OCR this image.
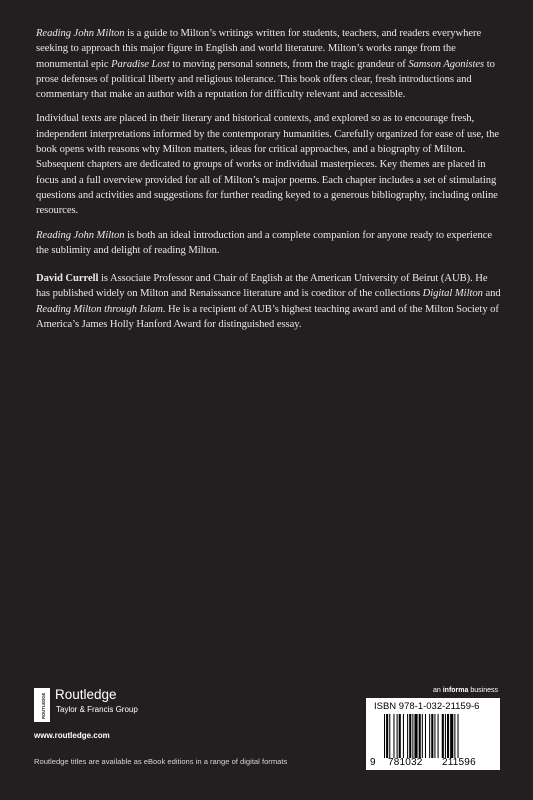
Reading John Milton is a guide to Milton’s writings written for students, teachers, and readers everywhere seeking to approach this major figure in English and world literature. Milton’s works range from the monumental epic Paradise Lost to moving personal sonnets, from the tragic grandeur of Samson Agonistes to prose defenses of political liberty and religious tolerance. This book offers clear, fresh introductions and commentary that make an author with a reputation for difficulty relevant and accessible.

Individual texts are placed in their literary and historical contexts, and explored so as to encourage fresh, independent interpretations informed by the contemporary humanities. Carefully organized for ease of use, the book opens with reasons why Milton matters, ideas for critical approaches, and a biography of Milton. Subsequent chapters are dedicated to groups of works or individual masterpieces. Key themes are placed in focus and a full overview provided for all of Milton’s major poems. Each chapter includes a set of stimulating questions and activities and suggestions for further reading keyed to a generous bibliography, including online resources.

Reading John Milton is both an ideal introduction and a complete companion for anyone ready to experience the sublimity and delight of reading Milton.

David Currell is Associate Professor and Chair of English at the American University of Beirut (AUB). He has published widely on Milton and Renaissance literature and is coeditor of the collections Digital Milton and Reading Milton through Islam. He is a recipient of AUB’s highest teaching award and of the Milton Society of America’s James Holly Hanford Award for distinguished essay.

ROUTLEDGE Routledge
Taylor & Francis Group
www.routledge.com
Routledge titles are available as eBook editions in a range of digital formats
an informa business
ISBN 978-1-032-21159-6
9 781032 211596
